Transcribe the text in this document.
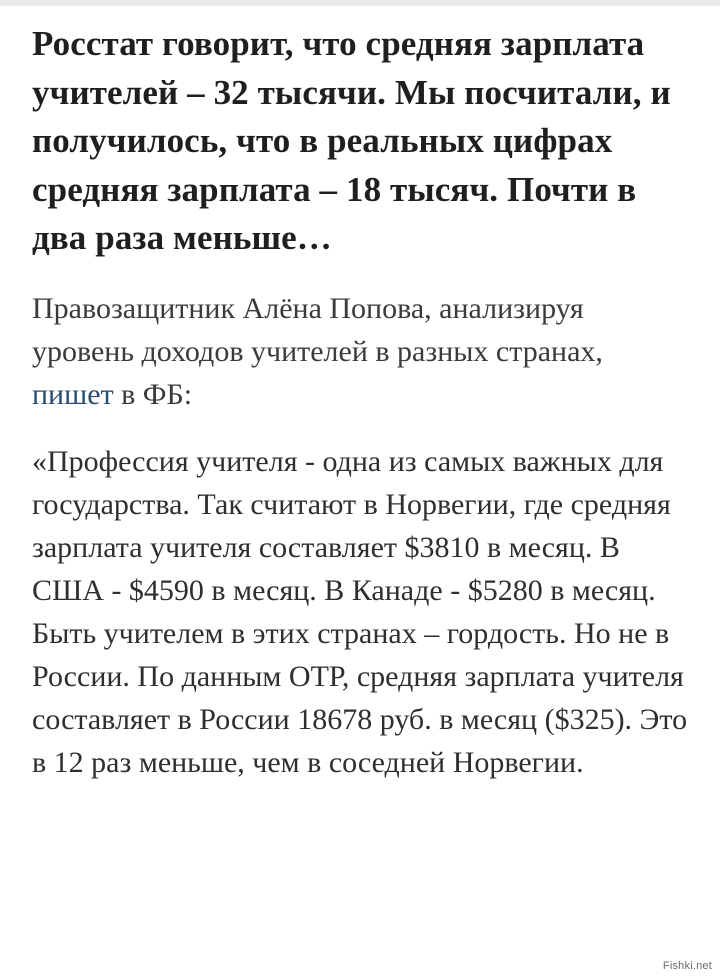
Росстат говорит, что средняя зарплата учителей – 32 тысячи. Мы посчитали, и получилось, что в реальных цифрах средняя зарплата – 18 тысяч. Почти в два раза меньше…

Правозащитник Алёна Попова, анализируя уровень доходов учителей в разных странах, пишет в ФБ:

«Профессия учителя - одна из самых важных для государства. Так считают в Норвегии, где средняя зарплата учителя составляет $3810 в месяц. В США - $4590 в месяц. В Канаде - $5280 в месяц. Быть учителем в этих странах – гордость. Но не в России. По данным ОТР, средняя зарплата учителя составляет в России 18678 руб. в месяц ($325). Это в 12 раз меньше, чем в соседней Норвегии.

Fishki.net
